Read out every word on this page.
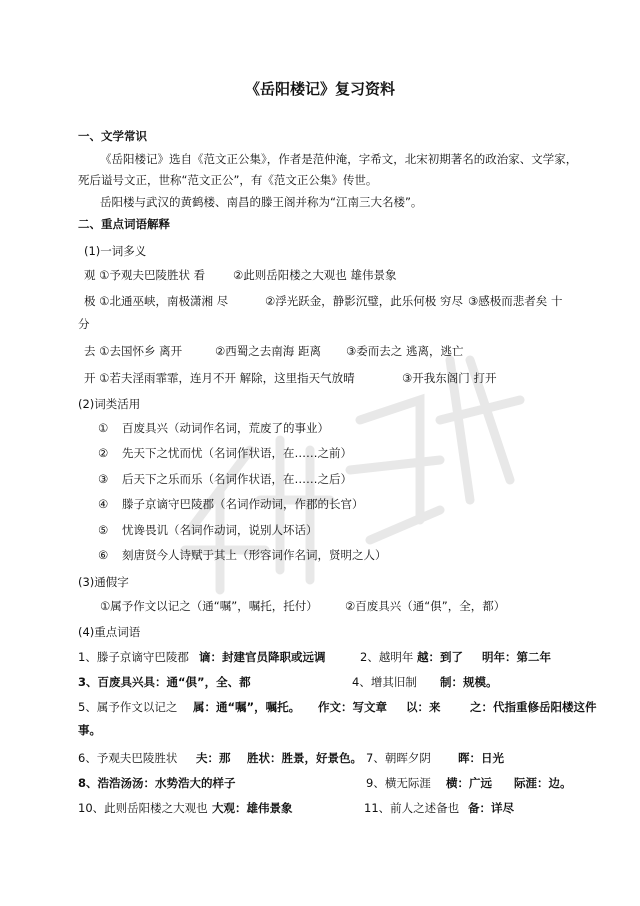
《岳阳楼记》复习资料
一、文学常识
《岳阳楼记》选自《范文正公集》，作者是范仲淹，字希文，北宋初期著名的政治家、文学家，
死后谥号文正，世称“范文正公”，有《范文正公集》传世。
岳阳楼与武汉的黄鹤楼、南昌的滕王阁并称为“江南三大名楼”。
二、重点词语解释
(1)一词多义
观 ①予观夫巴陵胜状 看 ②此则岳阳楼之大观也 雄伟景象
极 ①北通巫峡，南极潇湘 尽	②浮光跃金，静影沉璧，此乐何极 穷尽 ③感极而悲者矣 十
分
去 ①去国怀乡 离开	②西蜀之去南海 距离 ③委而去之 逃离，逃亡
开 ①若夫淫雨霏霏，连月不开 解除，这里指天气放晴	③开我东阁门 打开
(2)词类活用
① 百废具兴（动词作名词，荒废了的事业）
② 先天下之忧而忧（名词作状语，在……之前）
③ 后天下之乐而乐（名词作状语，在……之后）
④ 滕子京谪守巴陵郡（名词作动词，作郡的长官）
⑤ 忧谗畏讥（名词作动词，说别人坏话）
⑥ 刻唐贤今人诗赋于其上（形容词作名词，贤明之人）
(3)通假字
①属予作文以记之（通“嘱”，嘱托，托付） ②百废具兴（通“俱”，全，都）
(4)重点词语
1、滕子京谪守巴陵郡 谪：封建官员降职或远调	2、越明年 越：到了 明年：第二年
3、百废具兴具：通“俱”，全、都	4、增其旧制 制：规模。
5、属予作文以记之 属：通“嘱”，嘱托。 作文：写文章 以：来	之：代指重修岳阳楼这件
事。
6、予观夫巴陵胜状 夫：那 胜状：胜景，好景色。 7、朝晖夕阴 晖：日光
8、浩浩汤汤：水势浩大的样子	9、横无际涯 横：广远 际涯：边。
10、此则岳阳楼之大观也 大观：雄伟景象	11、前人之述备也 备：详尽
